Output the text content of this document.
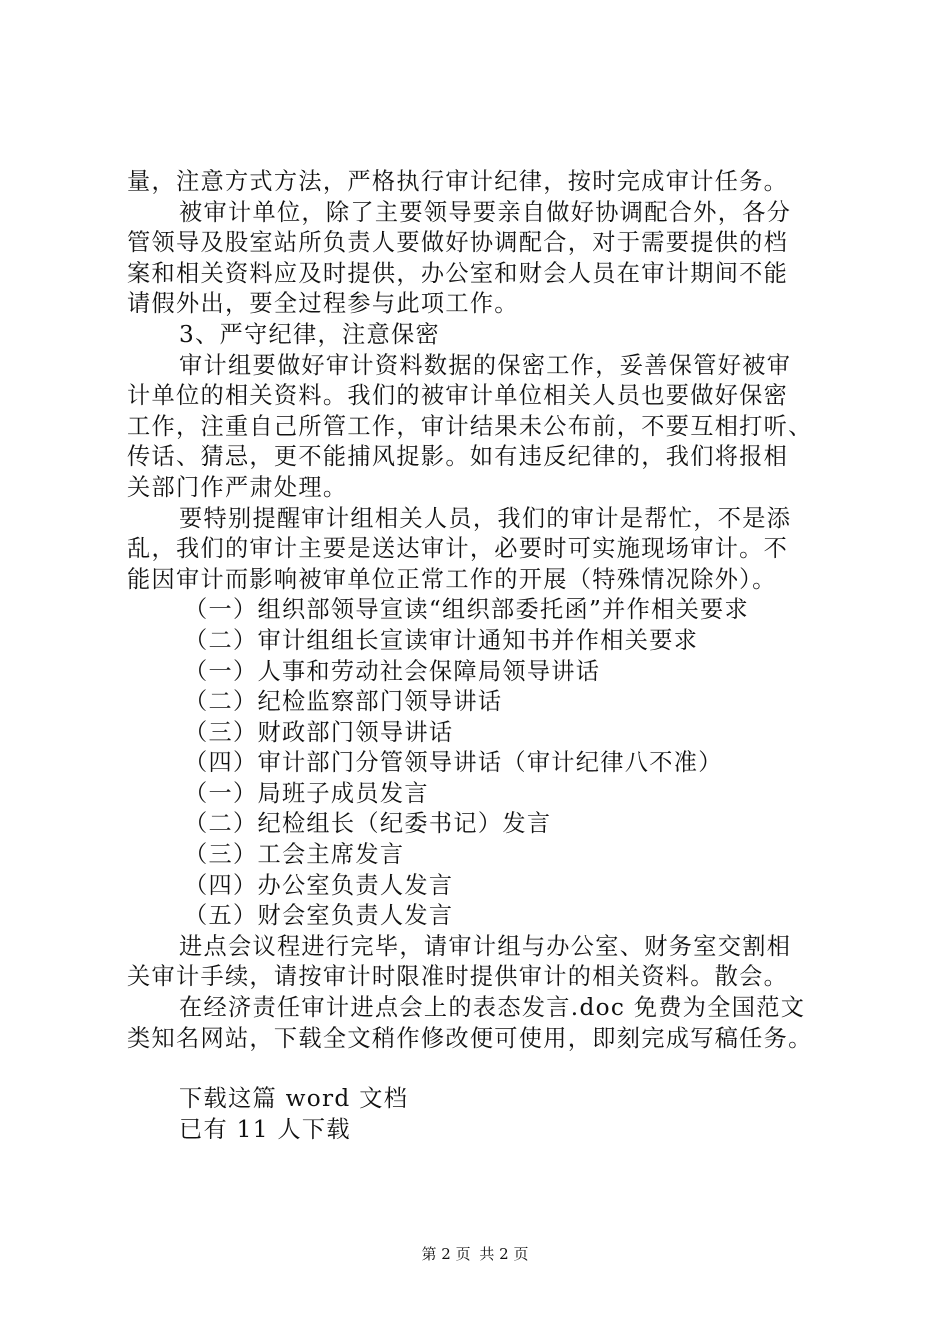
量，注意方式方法，严格执行审计纪律，按时完成审计任务。
被审计单位，除了主要领导要亲自做好协调配合外，各分
管领导及股室站所负责人要做好协调配合，对于需要提供的档
案和相关资料应及时提供，办公室和财会人员在审计期间不能
请假外出，要全过程参与此项工作。
3、严守纪律，注意保密
审计组要做好审计资料数据的保密工作，妥善保管好被审
计单位的相关资料。我们的被审计单位相关人员也要做好保密
工作，注重自己所管工作，审计结果未公布前，不要互相打听、
传话、猜忌，更不能捕风捉影。如有违反纪律的，我们将报相
关部门作严肃处理。
要特别提醒审计组相关人员，我们的审计是帮忙，不是添
乱，我们的审计主要是送达审计，必要时可实施现场审计。不
能因审计而影响被审单位正常工作的开展（特殊情况除外）。
（一）组织部领导宣读“组织部委托函”并作相关要求
（二）审计组组长宣读审计通知书并作相关要求
（一）人事和劳动社会保障局领导讲话
（二）纪检监察部门领导讲话
（三）财政部门领导讲话
（四）审计部门分管领导讲话（审计纪律八不准）
（一）局班子成员发言
（二）纪检组长（纪委书记）发言
（三）工会主席发言
（四）办公室负责人发言
（五）财会室负责人发言
进点会议程进行完毕，请审计组与办公室、财务室交割相
关审计手续，请按审计时限准时提供审计的相关资料。散会。
在经济责任审计进点会上的表态发言.doc 免费为全国范文
类知名网站，下载全文稍作修改便可使用，即刻完成写稿任务。
下载这篇 word 文档
已有 11 人下载
第 2 页 共 2 页
